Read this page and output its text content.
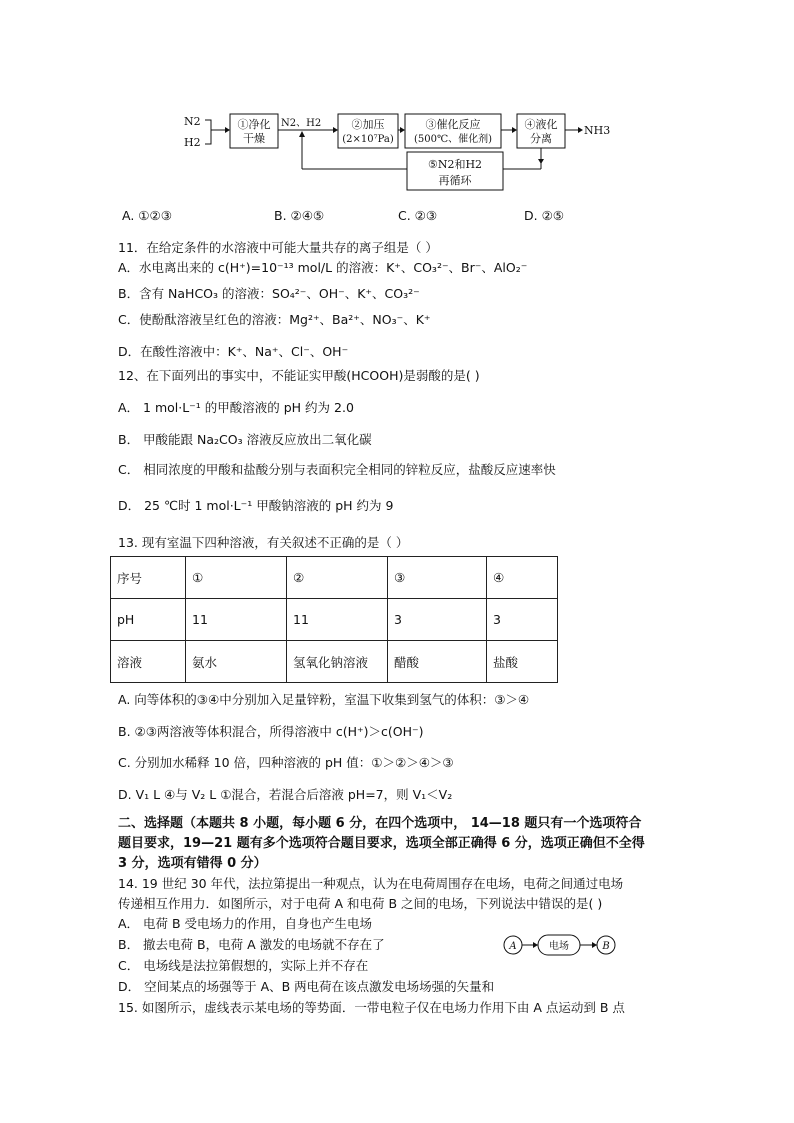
N2
H2
①净化
干燥
N2、H2	②加压
(2×10⁷Pa)
③催化反应
(500℃、催化剂)
④液化
分离
NH3
⑤N2和H2
再循环
A. ①②③	B. ②④⑤	C. ②③	D. ②⑤
11．在给定条件的水溶液中可能大量共存的离子组是（ ）
A．水电离出来的 c(H⁺)=10⁻¹³ mol/L 的溶液：K⁺、CO₃²⁻、Br⁻、AlO₂⁻
B．含有 NaHCO₃ 的溶液：SO₄²⁻、OH⁻、K⁺、CO₃²⁻
C．使酚酞溶液呈红色的溶液：Mg²⁺、Ba²⁺、NO₃⁻、K⁺
D．在酸性溶液中：K⁺、Na⁺、Cl⁻、OH⁻
12、在下面列出的事实中，不能证实甲酸(HCOOH)是弱酸的是( )
A． 1 mol·L⁻¹ 的甲酸溶液的 pH 约为 2.0
B． 甲酸能跟 Na₂CO₃ 溶液反应放出二氧化碳
C． 相同浓度的甲酸和盐酸分别与表面积完全相同的锌粒反应，盐酸反应速率快
D． 25 ℃时 1 mol·L⁻¹ 甲酸钠溶液的 pH 约为 9
13. 现有室温下四种溶液，有关叙述不正确的是（ ）
序号	①	②	③	④
pH	11	11	3	3
溶液	氨水	氢氧化钠溶液	醋酸	盐酸
A. 向等体积的③④中分别加入足量锌粉，室温下收集到氢气的体积：③＞④
B. ②③两溶液等体积混合，所得溶液中 c(H⁺)＞c(OH⁻)
C. 分别加水稀释 10 倍，四种溶液的 pH 值：①＞②＞④＞③
D. V₁ L ④与 V₂ L ①混合，若混合后溶液 pH=7，则 V₁＜V₂
二、选择题（本题共 8 小题，每小题 6 分，在四个选项中， 14—18 题只有一个选项符合
题目要求，19—21 题有多个选项符合题目要求，选项全部正确得 6 分，选项正确但不全得
3 分，选项有错得 0 分）
14. 19 世纪 30 年代，法拉第提出一种观点，认为在电荷周围存在电场，电荷之间通过电场
传递相互作用力．如图所示，对于电荷 A 和电荷 B 之间的电场，下列说法中错误的是( )
A． 电荷 B 受电场力的作用，自身也产生电场
B． 撤去电荷 B，电荷 A 激发的电场就不存在了
C． 电场线是法拉第假想的，实际上并不存在
D． 空间某点的场强等于 A、B 两电荷在该点激发电场场强的矢量和
A	电场	B
15. 如图所示，虚线表示某电场的等势面．一带电粒子仅在电场力作用下由 A 点运动到 B 点
